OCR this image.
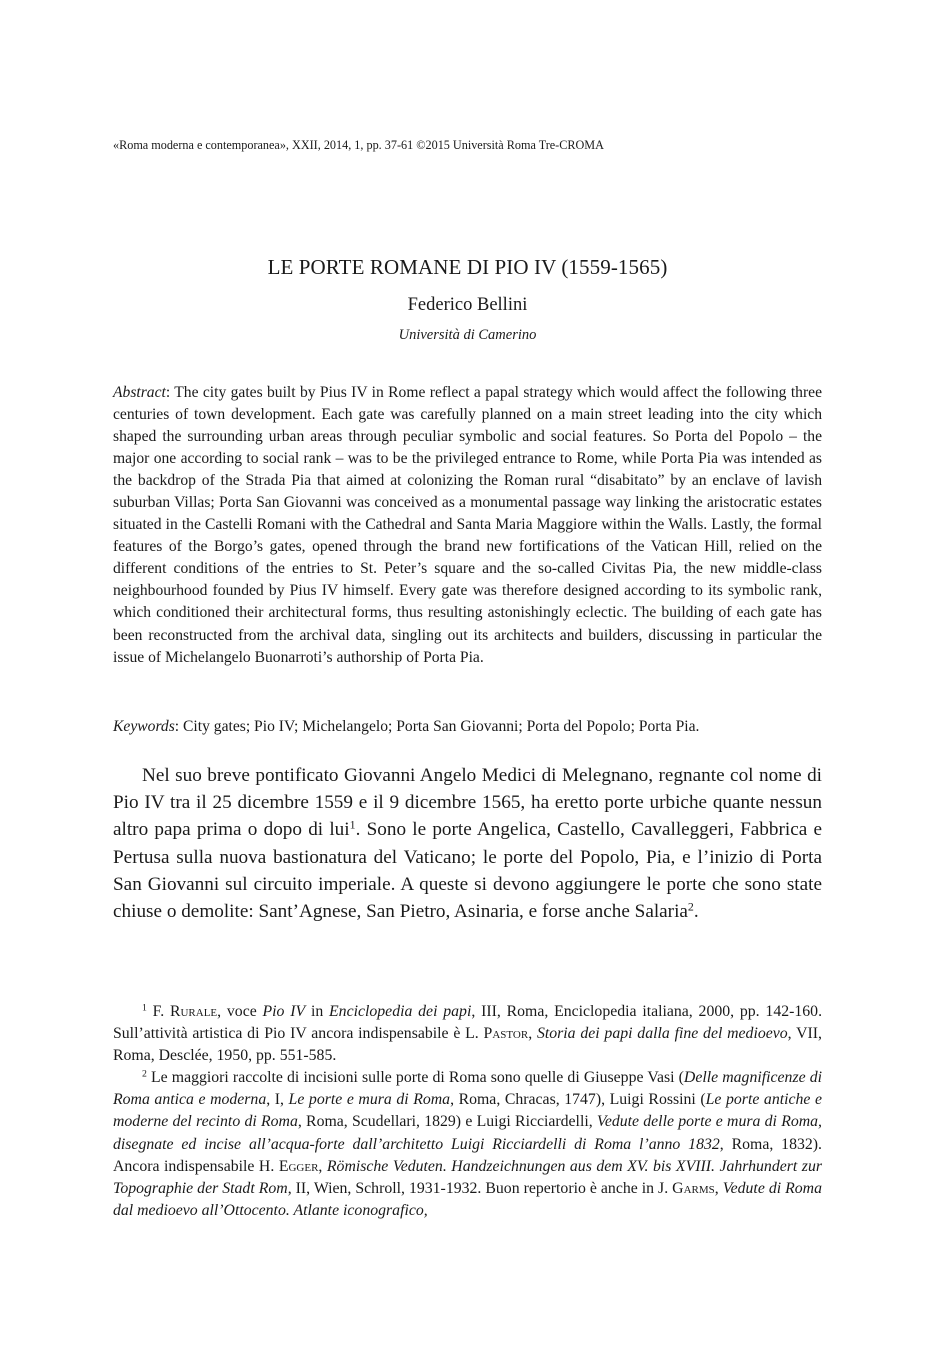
«Roma moderna e contemporanea», XXII, 2014, 1, pp. 37-61 ©2015 Università Roma Tre-CROMA
LE PORTE ROMANE DI PIO IV (1559-1565)
Federico Bellini
Università di Camerino

Abstract: The city gates built by Pius IV in Rome reflect a papal strategy which would affect the following three centuries of town development. Each gate was carefully planned on a main street leading into the city which shaped the surrounding urban areas through peculiar symbolic and social features. So Porta del Popolo – the major one according to social rank – was to be the privileged entrance to Rome, while Porta Pia was intended as the backdrop of the Strada Pia that aimed at colonizing the Roman rural “disabitato” by an enclave of lavish suburban Villas; Porta San Giovanni was conceived as a monumental passage way linking the aristocratic estates situated in the Castelli Romani with the Cathedral and Santa Maria Maggiore within the Walls. Lastly, the formal features of the Borgo’s gates, opened through the brand new fortifications of the Vatican Hill, relied on the different conditions of the entries to St. Peter’s square and the so-called Civitas Pia, the new middle-class neighbourhood founded by Pius IV himself. Every gate was therefore designed according to its symbolic rank, which conditioned their architectural forms, thus resulting astonishingly eclectic. The building of each gate has been reconstructed from the archival data, singling out its architects and builders, discussing in particular the issue of Michelangelo Buonarroti’s authorship of Porta Pia.

Keywords: City gates; Pio IV; Michelangelo; Porta San Giovanni; Porta del Popolo; Porta Pia.

Nel suo breve pontificato Giovanni Angelo Medici di Melegnano, regnante col nome di Pio IV tra il 25 dicembre 1559 e il 9 dicembre 1565, ha eretto porte urbiche quante nessun altro papa prima o dopo di lui$^1$. Sono le porte Angelica, Castello, Cavalleggeri, Fabbrica e Pertusa sulla nuova bastionatura del Vaticano; le porte del Popolo, Pia, e l’inizio di Porta San Giovanni sul circuito imperiale. A queste si devono aggiungere le porte che sono state chiuse o demolite: Sant’Agnese, San Pietro, Asinaria, e forse anche Salaria$^2$.

$^1$ F. Rurale, voce Pio IV in Enciclopedia dei papi, III, Roma, Enciclopedia italiana, 2000, pp. 142-160. Sull’attività artistica di Pio IV ancora indispensabile è L. Pastor, Storia dei papi dalla fine del medioevo, VII, Roma, Desclée, 1950, pp. 551-585.

$^2$ Le maggiori raccolte di incisioni sulle porte di Roma sono quelle di Giuseppe Vasi (Delle magnificenze di Roma antica e moderna, I, Le porte e mura di Roma, Roma, Chracas, 1747), Luigi Rossini (Le porte antiche e moderne del recinto di Roma, Roma, Scudellari, 1829) e Luigi Ricciardelli, Vedute delle porte e mura di Roma, disegnate ed incise all’acqua-forte dall’architetto Luigi Ricciardelli di Roma l’anno 1832, Roma, 1832). Ancora indispensabile H. Egger, Römische Veduten. Handzeichnungen aus dem XV. bis XVIII. Jahrhundert zur Topographie der Stadt Rom, II, Wien, Schroll, 1931-1932. Buon repertorio è anche in J. Garms, Vedute di Roma dal medioevo all’Ottocento. Atlante iconografico,
